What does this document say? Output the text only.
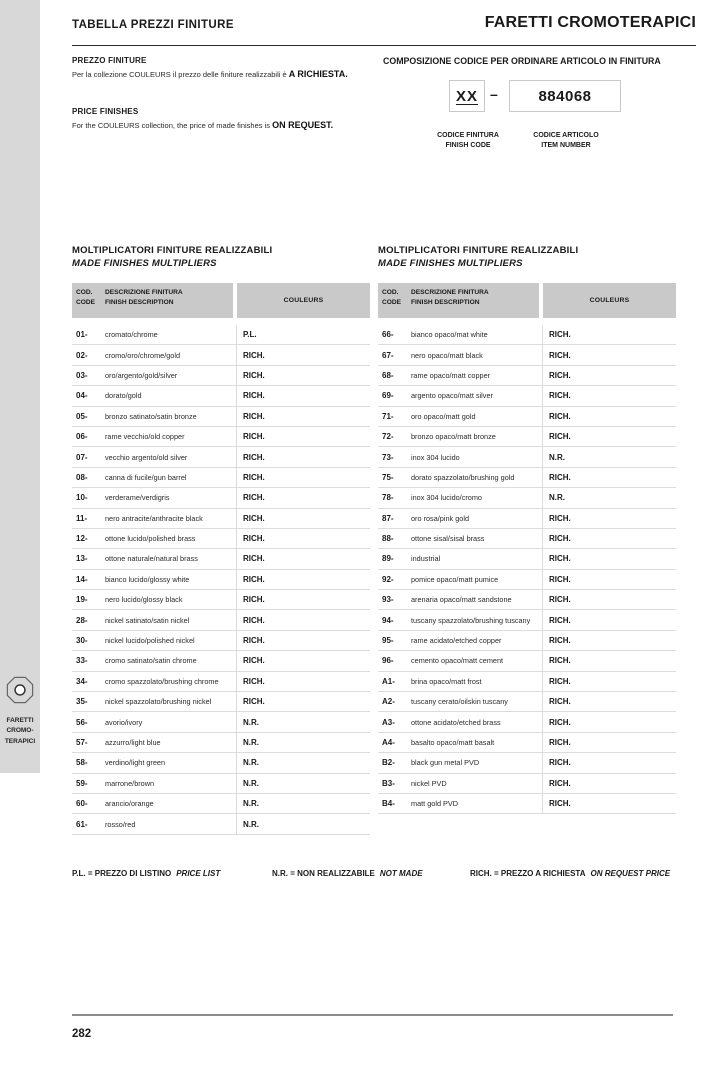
FARETTI
CROMO-
TERAPICI
TABELLA PREZZI FINITURE	FARETTI CROMOTERAPICI
PREZZO FINITURE
Per la collezione COULEURS il prezzo delle finiture realizzabili è A RICHIESTA.
PRICE FINISHES
For the COULEURS collection, the price of made finishes is ON REQUEST.
COMPOSIZIONE CODICE PER ORDINARE ARTICOLO IN FINITURA
XX –	884068
CODICE FINITURA
FINISH CODE
CODICE ARTICOLO
ITEM NUMBER
MOLTIPLICATORI FINITURE REALIZZABILI
MADE FINISHES MULTIPLIERS
COD.
CODE
DESCRIZIONE FINITURA
FINISH DESCRIPTION	COULEURS
01-	cromato/chrome	P.L.
02-	cromo/oro/chrome/gold	RICH.
03-	oro/argento/gold/silver	RICH.
04-	dorato/gold	RICH.
05-	bronzo satinato/satin bronze	RICH.
06-	rame vecchio/old copper	RICH.
07-	vecchio argento/old silver	RICH.
08-	canna di fucile/gun barrel	RICH.
10-	verderame/verdigris	RICH.
11-	nero antracite/anthracite black	RICH.
12-	ottone lucido/polished brass	RICH.
13-	ottone naturale/natural brass	RICH.
14-	bianco lucido/glossy white	RICH.
19-	nero lucido/glossy black	RICH.
28-	nickel satinato/satin nickel	RICH.
30-	nickel lucido/polished nickel	RICH.
33-	cromo satinato/satin chrome	RICH.
34-	cromo spazzolato/brushing chrome	RICH.
35-	nickel spazzolato/brushing nickel	RICH.
56-	avorio/ivory	N.R.
57-	azzurro/light blue	N.R.
58-	verdino/light green	N.R.
59-	marrone/brown	N.R.
60-	arancio/orange	N.R.
61-	rosso/red	N.R.
MOLTIPLICATORI FINITURE REALIZZABILI
MADE FINISHES MULTIPLIERS
COD.
CODE
DESCRIZIONE FINITURA
FINISH DESCRIPTION	COULEURS
66-	bianco opaco/mat white	RICH.
67-	nero opaco/matt black	RICH.
68-	rame opaco/matt copper	RICH.
69-	argento opaco/matt silver	RICH.
71-	oro opaco/matt gold	RICH.
72-	bronzo opaco/matt bronze	RICH.
73-	inox 304 lucido	N.R.
75-	dorato spazzolato/brushing gold	RICH.
78-	inox 304 lucido/cromo	N.R.
87-	oro rosa/pink gold	RICH.
88-	ottone sisal/sisal brass	RICH.
89-	industrial	RICH.
92-	pomice opaco/matt pumice	RICH.
93-	arenaria opaco/matt sandstone	RICH.
94-	tuscany spazzolato/brushing tuscany	RICH.
95-	rame acidato/etched copper	RICH.
96-	cemento opaco/matt cement	RICH.
A1-	brina opaco/matt frost	RICH.
A2-	tuscany cerato/oilskin tuscany	RICH.
A3-	ottone acidato/etched brass	RICH.
A4-	basalto opaco/matt basalt	RICH.
B2-	black gun metal PVD	RICH.
B3-	nickel PVD	RICH.
B4-	matt gold PVD	RICH.
P.L. = PREZZO DI LISTINO PRICE LIST	N.R. = NON REALIZZABILE NOT MADE	RICH. = PREZZO A RICHIESTA ON REQUEST PRICE
282
